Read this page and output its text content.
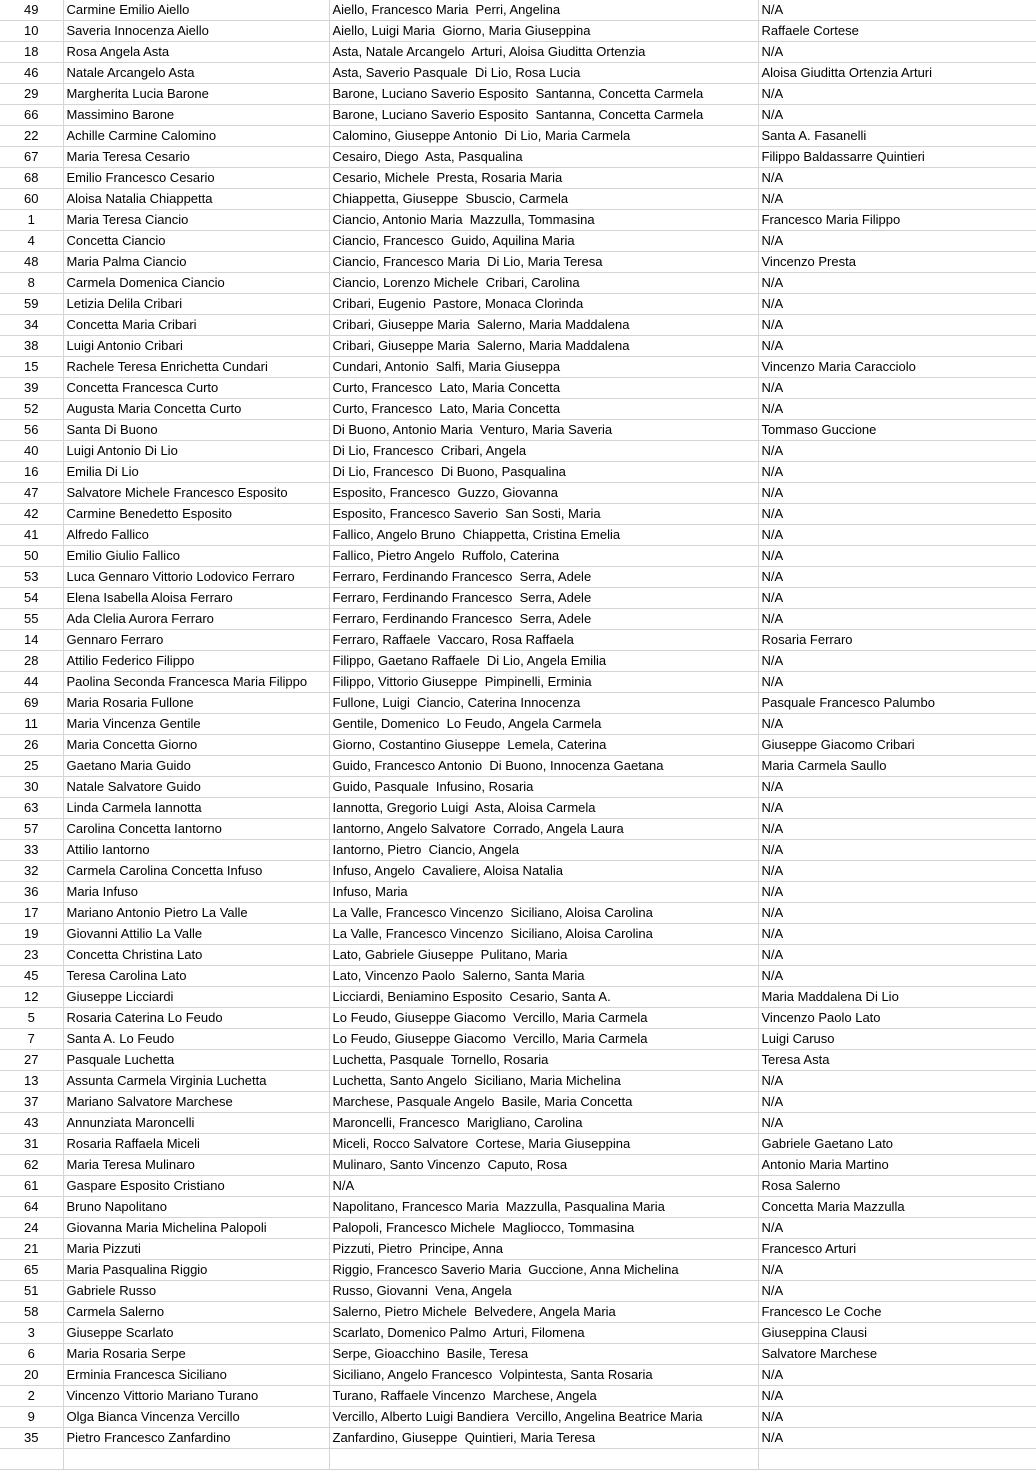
49	Carmine Emilio Aiello	Aiello, Francesco Maria  Perri, Angelina	N/A
10	Saveria Innocenza Aiello	Aiello, Luigi Maria  Giorno, Maria Giuseppina	Raffaele Cortese
18	Rosa Angela Asta	Asta, Natale Arcangelo  Arturi, Aloisa Giuditta Ortenzia	N/A
46	Natale Arcangelo Asta	Asta, Saverio Pasquale  Di Lio, Rosa Lucia	Aloisa Giuditta Ortenzia Arturi
29	Margherita Lucia Barone	Barone, Luciano Saverio Esposito  Santanna, Concetta Carmela	N/A
66	Massimino Barone	Barone, Luciano Saverio Esposito  Santanna, Concetta Carmela	N/A
22	Achille Carmine Calomino	Calomino, Giuseppe Antonio  Di Lio, Maria Carmela	Santa A. Fasanelli
67	Maria Teresa Cesario	Cesairo, Diego  Asta, Pasqualina	Filippo Baldassarre Quintieri
68	Emilio Francesco Cesario	Cesario, Michele  Presta, Rosaria Maria	N/A
60	Aloisa Natalia Chiappetta	Chiappetta, Giuseppe  Sbuscio, Carmela	N/A
1	Maria Teresa Ciancio	Ciancio, Antonio Maria  Mazzulla, Tommasina	Francesco Maria Filippo
4	Concetta Ciancio	Ciancio, Francesco  Guido, Aquilina Maria	N/A
48	Maria Palma Ciancio	Ciancio, Francesco Maria  Di Lio, Maria Teresa	Vincenzo Presta
8	Carmela Domenica Ciancio	Ciancio, Lorenzo Michele  Cribari, Carolina	N/A
59	Letizia Delila Cribari	Cribari, Eugenio  Pastore, Monaca Clorinda	N/A
34	Concetta Maria Cribari	Cribari, Giuseppe Maria  Salerno, Maria Maddalena	N/A
38	Luigi Antonio Cribari	Cribari, Giuseppe Maria  Salerno, Maria Maddalena	N/A
15	Rachele Teresa Enrichetta Cundari	Cundari, Antonio  Salfi, Maria Giuseppa	Vincenzo Maria Caracciolo
39	Concetta Francesca Curto	Curto, Francesco  Lato, Maria Concetta	N/A
52	Augusta Maria Concetta Curto	Curto, Francesco  Lato, Maria Concetta	N/A
56	Santa Di Buono	Di Buono, Antonio Maria  Venturo, Maria Saveria	Tommaso Guccione
40	Luigi Antonio Di Lio	Di Lio, Francesco  Cribari, Angela	N/A
16	Emilia Di Lio	Di Lio, Francesco  Di Buono, Pasqualina	N/A
47	Salvatore Michele Francesco Esposito	Esposito, Francesco  Guzzo, Giovanna	N/A
42	Carmine Benedetto Esposito	Esposito, Francesco Saverio  San Sosti, Maria	N/A
41	Alfredo Fallico	Fallico, Angelo Bruno  Chiappetta, Cristina Emelia	N/A
50	Emilio Giulio Fallico	Fallico, Pietro Angelo  Ruffolo, Caterina	N/A
53	Luca Gennaro Vittorio Lodovico Ferraro	Ferraro, Ferdinando Francesco  Serra, Adele	N/A
54	Elena Isabella Aloisa Ferraro	Ferraro, Ferdinando Francesco  Serra, Adele	N/A
55	Ada Clelia Aurora Ferraro	Ferraro, Ferdinando Francesco  Serra, Adele	N/A
14	Gennaro Ferraro	Ferraro, Raffaele  Vaccaro, Rosa Raffaela	Rosaria Ferraro
28	Attilio Federico Filippo	Filippo, Gaetano Raffaele  Di Lio, Angela Emilia	N/A
44	Paolina Seconda Francesca Maria Filippo	Filippo, Vittorio Giuseppe  Pimpinelli, Erminia	N/A
69	Maria Rosaria Fullone	Fullone, Luigi  Ciancio, Caterina Innocenza	Pasquale Francesco Palumbo
11	Maria Vincenza Gentile	Gentile, Domenico  Lo Feudo, Angela Carmela	N/A
26	Maria Concetta Giorno	Giorno, Costantino Giuseppe  Lemela, Caterina	Giuseppe Giacomo Cribari
25	Gaetano Maria Guido	Guido, Francesco Antonio  Di Buono, Innocenza Gaetana	Maria Carmela Saullo
30	Natale Salvatore Guido	Guido, Pasquale  Infusino, Rosaria	N/A
63	Linda Carmela Iannotta	Iannotta, Gregorio Luigi  Asta, Aloisa Carmela	N/A
57	Carolina Concetta Iantorno	Iantorno, Angelo Salvatore  Corrado, Angela Laura	N/A
33	Attilio Iantorno	Iantorno, Pietro  Ciancio, Angela	N/A
32	Carmela Carolina Concetta Infuso	Infuso, Angelo  Cavaliere, Aloisa Natalia	N/A
36	Maria Infuso	Infuso, Maria	N/A
17	Mariano Antonio Pietro La Valle	La Valle, Francesco Vincenzo  Siciliano, Aloisa Carolina	N/A
19	Giovanni Attilio La Valle	La Valle, Francesco Vincenzo  Siciliano, Aloisa Carolina	N/A
23	Concetta Christina Lato	Lato, Gabriele Giuseppe  Pulitano, Maria	N/A
45	Teresa Carolina Lato	Lato, Vincenzo Paolo  Salerno, Santa Maria	N/A
12	Giuseppe Licciardi	Licciardi, Beniamino Esposito  Cesario, Santa A.	Maria Maddalena Di Lio
5	Rosaria Caterina Lo Feudo	Lo Feudo, Giuseppe Giacomo  Vercillo, Maria Carmela	Vincenzo Paolo Lato
7	Santa A. Lo Feudo	Lo Feudo, Giuseppe Giacomo  Vercillo, Maria Carmela	Luigi Caruso
27	Pasquale Luchetta	Luchetta, Pasquale  Tornello, Rosaria	Teresa Asta
13	Assunta Carmela Virginia Luchetta	Luchetta, Santo Angelo  Siciliano, Maria Michelina	N/A
37	Mariano Salvatore Marchese	Marchese, Pasquale Angelo  Basile, Maria Concetta	N/A
43	Annunziata Maroncelli	Maroncelli, Francesco  Marigliano, Carolina	N/A
31	Rosaria Raffaela Miceli	Miceli, Rocco Salvatore  Cortese, Maria Giuseppina	Gabriele Gaetano Lato
62	Maria Teresa Mulinaro	Mulinaro, Santo Vincenzo  Caputo, Rosa	Antonio Maria Martino
61	Gaspare Esposito Cristiano	N/A	Rosa Salerno
64	Bruno Napolitano	Napolitano, Francesco Maria  Mazzulla, Pasqualina Maria	Concetta Maria Mazzulla
24	Giovanna Maria Michelina Palopoli	Palopoli, Francesco Michele  Magliocco, Tommasina	N/A
21	Maria Pizzuti	Pizzuti, Pietro  Principe, Anna	Francesco Arturi
65	Maria Pasqualina Riggio	Riggio, Francesco Saverio Maria  Guccione, Anna Michelina	N/A
51	Gabriele Russo	Russo, Giovanni  Vena, Angela	N/A
58	Carmela Salerno	Salerno, Pietro Michele  Belvedere, Angela Maria	Francesco Le Coche
3	Giuseppe Scarlato	Scarlato, Domenico Palmo  Arturi, Filomena	Giuseppina Clausi
6	Maria Rosaria Serpe	Serpe, Gioacchino  Basile, Teresa	Salvatore Marchese
20	Erminia Francesca Siciliano	Siciliano, Angelo Francesco  Volpintesta, Santa Rosaria	N/A
2	Vincenzo Vittorio Mariano Turano	Turano, Raffaele Vincenzo  Marchese, Angela	N/A
9	Olga Bianca Vincenza Vercillo	Vercillo, Alberto Luigi Bandiera  Vercillo, Angelina Beatrice Maria	N/A
35	Pietro Francesco Zanfardino	Zanfardino, Giuseppe  Quintieri, Maria Teresa	N/A
